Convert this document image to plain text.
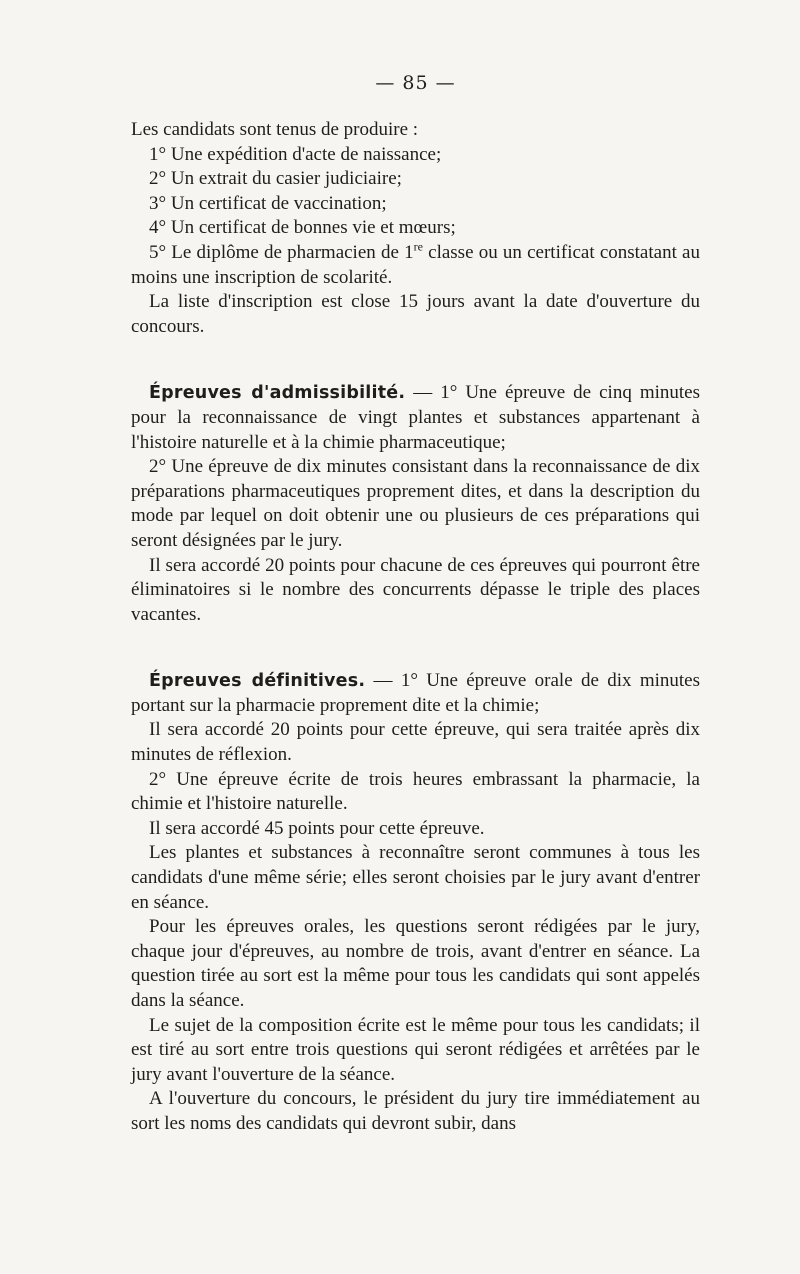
— 85 —

Les candidats sont tenus de produire :

1° Une expédition d'acte de naissance;

2° Un extrait du casier judiciaire;

3° Un certificat de vaccination;

4° Un certificat de bonnes vie et mœurs;

5° Le diplôme de pharmacien de 1re classe ou un certificat constatant au moins une inscription de scolarité.

La liste d'inscription est close 15 jours avant la date d'ouverture du concours.

Épreuves d'admissibilité. — 1° Une épreuve de cinq minutes pour la reconnaissance de vingt plantes et substances appartenant à l'histoire naturelle et à la chimie pharmaceutique;

2° Une épreuve de dix minutes consistant dans la reconnaissance de dix préparations pharmaceutiques proprement dites, et dans la description du mode par lequel on doit obtenir une ou plusieurs de ces préparations qui seront désignées par le jury.

Il sera accordé 20 points pour chacune de ces épreuves qui pourront être éliminatoires si le nombre des concurrents dépasse le triple des places vacantes.

Épreuves définitives. — 1° Une épreuve orale de dix minutes portant sur la pharmacie proprement dite et la chimie;

Il sera accordé 20 points pour cette épreuve, qui sera traitée après dix minutes de réflexion.

2° Une épreuve écrite de trois heures embrassant la pharmacie, la chimie et l'histoire naturelle.

Il sera accordé 45 points pour cette épreuve.

Les plantes et substances à reconnaître seront communes à tous les candidats d'une même série; elles seront choisies par le jury avant d'entrer en séance.

Pour les épreuves orales, les questions seront rédigées par le jury, chaque jour d'épreuves, au nombre de trois, avant d'entrer en séance. La question tirée au sort est la même pour tous les candidats qui sont appelés dans la séance.

Le sujet de la composition écrite est le même pour tous les candidats; il est tiré au sort entre trois questions qui seront rédigées et arrêtées par le jury avant l'ouverture de la séance.

A l'ouverture du concours, le président du jury tire immédiatement au sort les noms des candidats qui devront subir, dans
